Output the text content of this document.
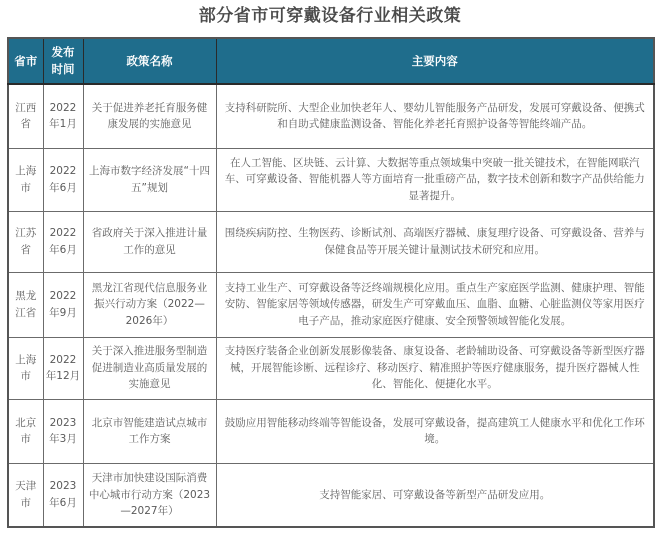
部分省市可穿戴设备行业相关政策
省市	发布时间	政策名称	主要内容
江西省	2022年1月	关于促进养老托育服务健康发展的实施意见	支持科研院所、大型企业加快老年人、婴幼儿智能服务产品研发，发展可穿戴设备、便携式和自助式健康监测设备、智能化养老托育照护设备等智能终端产品。
上海市	2022年6月	上海市数字经济发展“十四五”规划	在人工智能、区块链、云计算、大数据等重点领域集中突破一批关键技术，在智能网联汽车、可穿戴设备、智能机器人等方面培育一批重磅产品，数字技术创新和数字产品供给能力显著提升。
江苏省	2022年6月	省政府关于深入推进计量工作的意见	围绕疾病防控、生物医药、诊断试剂、高端医疗器械、康复理疗设备、可穿戴设备、营养与保健食品等开展关键计量测试技术研究和应用。
黑龙江省	2022年9月	黑龙江省现代信息服务业振兴行动方案（2022—2026年）	支持工业生产、可穿戴设备等泛终端规模化应用。重点生产家庭医学监测、健康护理、智能安防、智能家居等领域传感器，研发生产可穿戴血压、血脂、血糖、心脏监测仪等家用医疗电子产品，推动家庭医疗健康、安全预警领域智能化发展。
上海市	2022年12月	关于深入推进服务型制造促进制造业高质量发展的实施意见	支持医疗装备企业创新发展影像装备、康复设备、老龄辅助设备、可穿戴设备等新型医疗器械，开展智能诊断、远程诊疗、移动医疗、精准照护等医疗健康服务，提升医疗器械人性化、智能化、便捷化水平。
北京市	2023年3月	北京市智能建造试点城市工作方案	鼓励应用智能移动终端等智能设备，发展可穿戴设备，提高建筑工人健康水平和优化工作环境。
天津市	2023年6月	天津市加快建设国际消费中心城市行动方案（2023—2027年）	支持智能家居、可穿戴设备等新型产品研发应用。
